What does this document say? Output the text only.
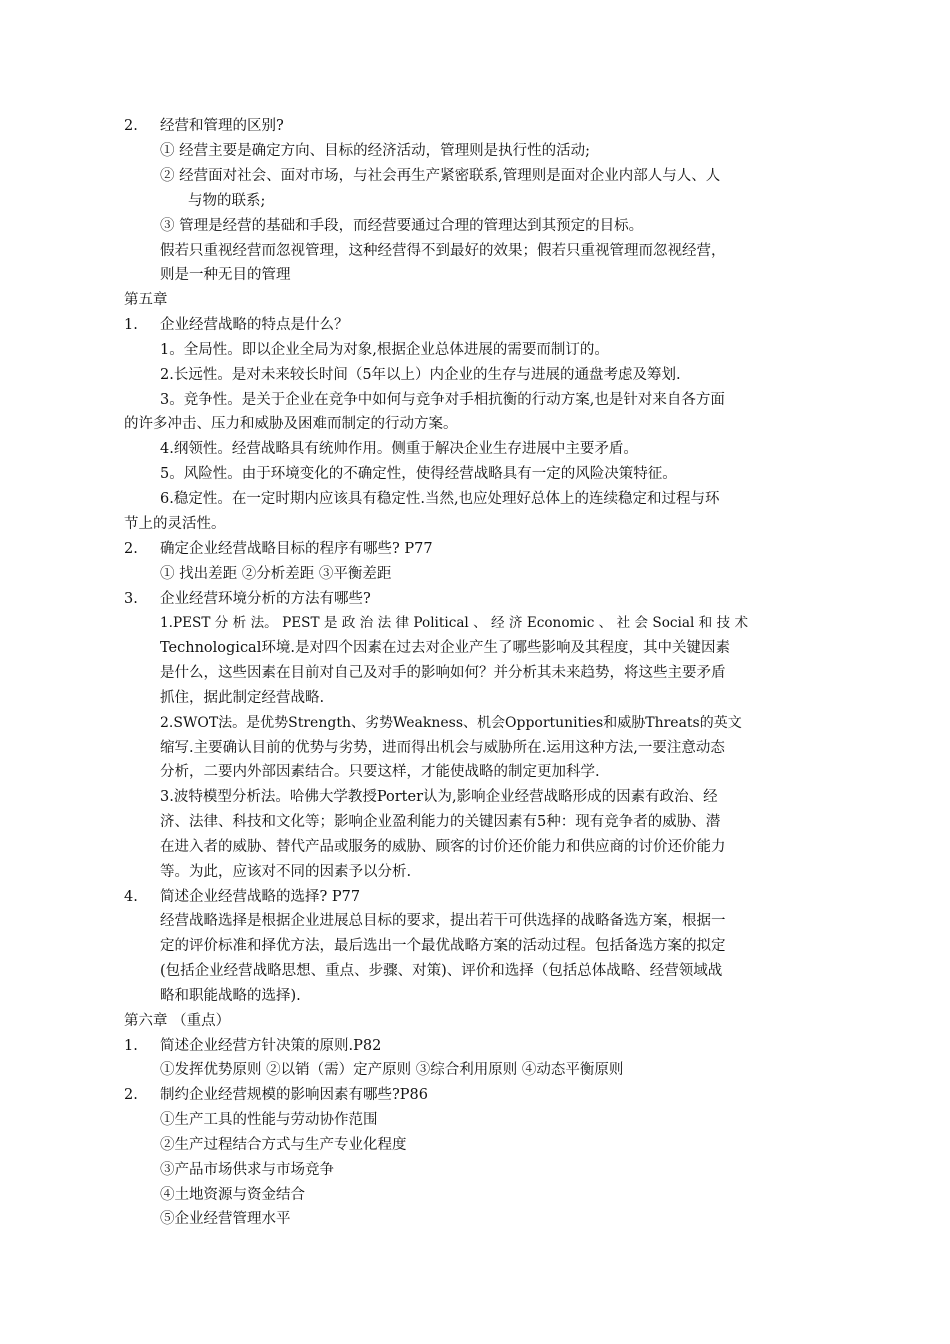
2. 经营和管理的区别?
① 经营主要是确定方向、目标的经济活动，管理则是执行性的活动;
② 经营面对社会、面对市场，与社会再生产紧密联系,管理则是面对企业内部人与人、人
与物的联系;
③ 管理是经营的基础和手段，而经营要通过合理的管理达到其预定的目标。
假若只重视经营而忽视管理，这种经营得不到最好的效果；假若只重视管理而忽视经营，
则是一种无目的管理
第五章
1. 企业经营战略的特点是什么？
1。全局性。即以企业全局为对象,根据企业总体进展的需要而制订的。
2.长远性。是对未来较长时间（5年以上）内企业的生存与进展的通盘考虑及筹划.
3。竞争性。是关于企业在竞争中如何与竞争对手相抗衡的行动方案,也是针对来自各方面
的许多冲击、压力和威胁及困难而制定的行动方案。
4.纲领性。经营战略具有统帅作用。侧重于解决企业生存进展中主要矛盾。
5。风险性。由于环境变化的不确定性，使得经营战略具有一定的风险决策特征。
6.稳定性。在一定时期内应该具有稳定性.当然,也应处理好总体上的连续稳定和过程与环
节上的灵活性。
2. 确定企业经营战略目标的程序有哪些? P77
① 找出差距 ②分析差距 ③平衡差距
3. 企业经营环境分析的方法有哪些?
1.PEST 分 析 法。 PEST 是 政 治 法 律 Political 、 经 济 Economic 、 社 会 Social 和 技 术
Technological环境.是对四个因素在过去对企业产生了哪些影响及其程度，其中关键因素
是什么，这些因素在目前对自己及对手的影响如何？并分析其未来趋势，将这些主要矛盾
抓住，据此制定经营战略.
2.SWOT法。是优势Strength、劣势Weakness、机会Opportunities和威胁Threats的英文
缩写.主要确认目前的优势与劣势，进而得出机会与威胁所在.运用这种方法,一要注意动态
分析，二要内外部因素结合。只要这样，才能使战略的制定更加科学.
3.波特模型分析法。哈佛大学教授Porter认为,影响企业经营战略形成的因素有政治、经
济、法律、科技和文化等；影响企业盈利能力的关键因素有5种：现有竞争者的威胁、潜
在进入者的威胁、替代产品或服务的威胁、顾客的讨价还价能力和供应商的讨价还价能力
等。为此，应该对不同的因素予以分析.
4. 简述企业经营战略的选择? P77
经营战略选择是根据企业进展总目标的要求，提出若干可供选择的战略备选方案，根据一
定的评价标准和择优方法，最后选出一个最优战略方案的活动过程。包括备选方案的拟定
(包括企业经营战略思想、重点、步骤、对策)、评价和选择（包括总体战略、经营领域战
略和职能战略的选择).
第六章 （重点）
1. 简述企业经营方针决策的原则.P82
①发挥优势原则 ②以销（需）定产原则 ③综合利用原则 ④动态平衡原则
2. 制约企业经营规模的影响因素有哪些?P86
①生产工具的性能与劳动协作范围
②生产过程结合方式与生产专业化程度
③产品市场供求与市场竞争
④土地资源与资金结合
⑤企业经营管理水平
